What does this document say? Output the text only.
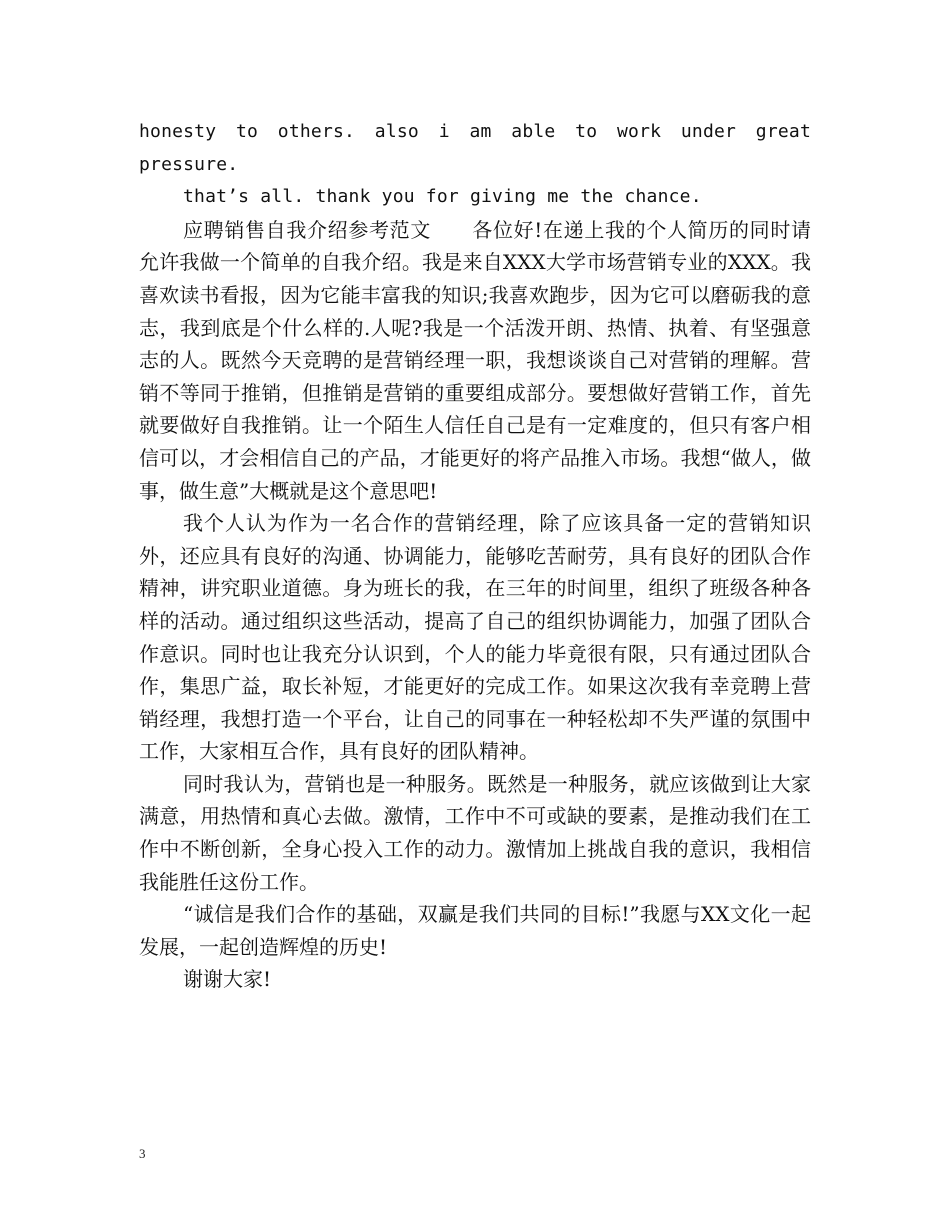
honesty to others. also i am able to work under great pressure.

that’s all. thank you for giving me the chance.

应聘销售自我介绍参考范文　　各位好!在递上我的个人简历的同时请允许我做一个简单的自我介绍。我是来自XXX大学市场营销专业的XXX。我喜欢读书看报，因为它能丰富我的知识;我喜欢跑步，因为它可以磨砺我的意志，我到底是个什么样的.人呢?我是一个活泼开朗、热情、执着、有坚强意志的人。既然今天竞聘的是营销经理一职，我想谈谈自己对营销的理解。营销不等同于推销，但推销是营销的重要组成部分。要想做好营销工作，首先就要做好自我推销。让一个陌生人信任自己是有一定难度的，但只有客户相信可以，才会相信自己的产品，才能更好的将产品推入市场。我想“做人，做事，做生意”大概就是这个意思吧!

我个人认为作为一名合作的营销经理，除了应该具备一定的营销知识外，还应具有良好的沟通、协调能力，能够吃苦耐劳，具有良好的团队合作精神，讲究职业道德。身为班长的我，在三年的时间里，组织了班级各种各样的活动。通过组织这些活动，提高了自己的组织协调能力，加强了团队合作意识。同时也让我充分认识到，个人的能力毕竟很有限，只有通过团队合作，集思广益，取长补短，才能更好的完成工作。如果这次我有幸竞聘上营销经理，我想打造一个平台，让自己的同事在一种轻松却不失严谨的氛围中工作，大家相互合作，具有良好的团队精神。

同时我认为，营销也是一种服务。既然是一种服务，就应该做到让大家满意，用热情和真心去做。激情，工作中不可或缺的要素，是推动我们在工作中不断创新，全身心投入工作的动力。激情加上挑战自我的意识，我相信我能胜任这份工作。

“诚信是我们合作的基础，双赢是我们共同的目标!”我愿与XX文化一起发展，一起创造辉煌的历史!

谢谢大家!

3
